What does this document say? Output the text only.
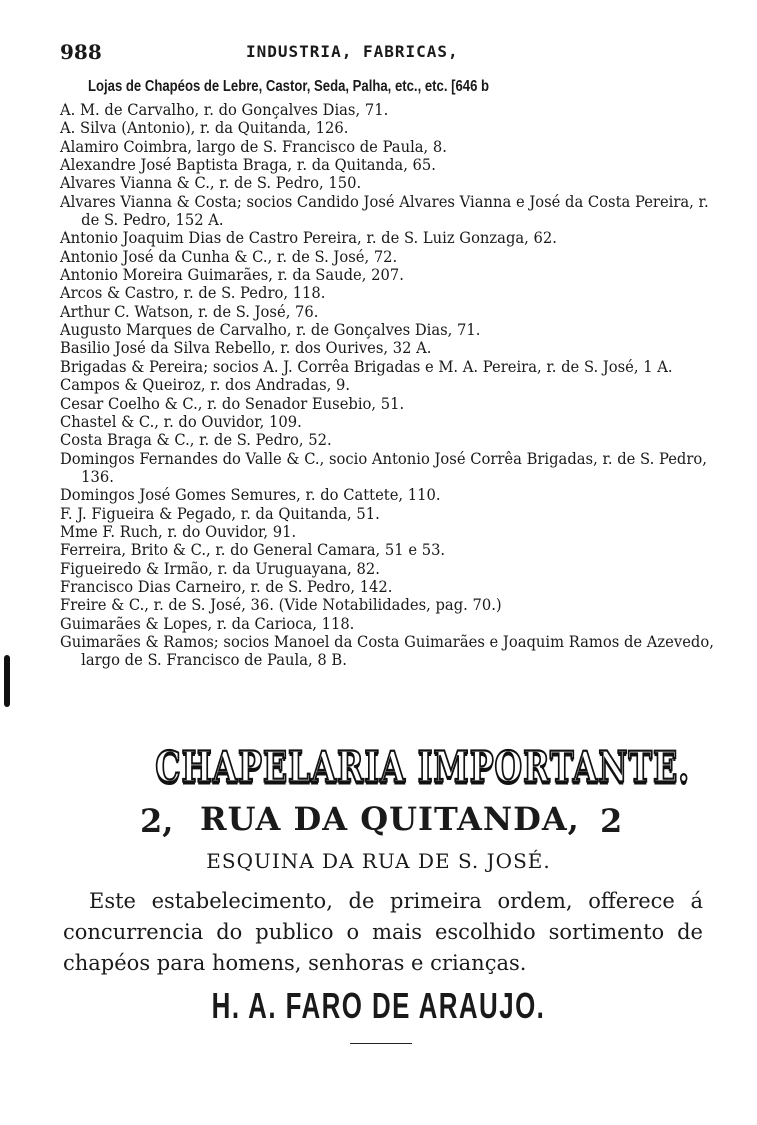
988	INDUSTRIA, FABRICAS,
Lojas de Chapéos de Lebre, Castor, Seda, Palha, etc., etc. [646 b
A. M. de Carvalho, r. do Gonçalves Dias, 71.
A. Silva (Antonio), r. da Quitanda, 126.
Alamiro Coimbra, largo de S. Francisco de Paula, 8.
Alexandre José Baptista Braga, r. da Quitanda, 65.
Alvares Vianna & C., r. de S. Pedro, 150.
Alvares Vianna & Costa; socios Candido José Alvares Vianna e José da Costa Pereira, r. de S. Pedro, 152 A.
Antonio Joaquim Dias de Castro Pereira, r. de S. Luiz Gonzaga, 62.
Antonio José da Cunha & C., r. de S. José, 72.
Antonio Moreira Guimarães, r. da Saude, 207.
Arcos & Castro, r. de S. Pedro, 118.
Arthur C. Watson, r. de S. José, 76.
Augusto Marques de Carvalho, r. de Gonçalves Dias, 71.
Basilio José da Silva Rebello, r. dos Ourives, 32 A.
Brigadas & Pereira; socios A. J. Corrêa Brigadas e M. A. Pereira, r. de S. José, 1 A.
Campos & Queiroz, r. dos Andradas, 9.
Cesar Coelho & C., r. do Senador Eusebio, 51.
Chastel & C., r. do Ouvidor, 109.
Costa Braga & C., r. de S. Pedro, 52.
Domingos Fernandes do Valle & C., socio Antonio José Corrêa Brigadas, r. de S. Pedro, 136.
Domingos José Gomes Semures, r. do Cattete, 110.
F. J. Figueira & Pegado, r. da Quitanda, 51.
Mme F. Ruch, r. do Ouvidor, 91.
Ferreira, Brito & C., r. do General Camara, 51 e 53.
Figueiredo & Irmão, r. da Uruguayana, 82.
Francisco Dias Carneiro, r. de S. Pedro, 142.
Freire & C., r. de S. José, 36. (Vide Notabilidades, pag. 70.)
Guimarães & Lopes, r. da Carioca, 118.
Guimarães & Ramos; socios Manoel da Costa Guimarães e Joaquim Ramos de Azevedo, largo de S. Francisco de Paula, 8 B.
CHAPELARIA IMPORTANTE.
2, RUA DA QUITANDA, 2
ESQUINA DA RUA DE S. JOSÉ.
Este estabelecimento, de primeira ordem, offerece á concurrencia do publico o mais escolhido sortimento de chapéos para homens, senhoras e crianças.
H. A. FARO DE ARAUJO.
